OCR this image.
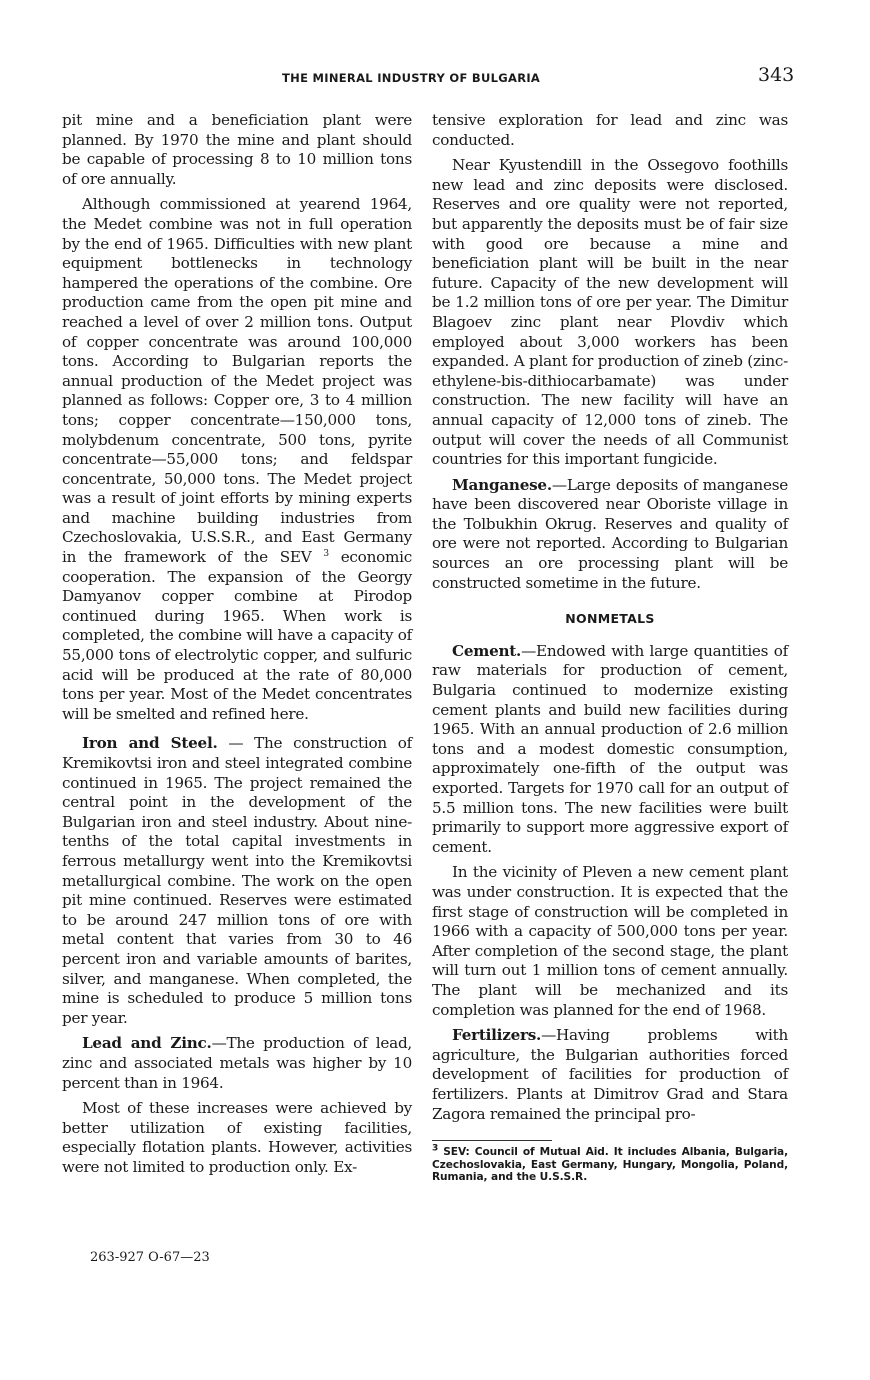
THE MINERAL INDUSTRY OF BULGARIA	343

pit mine and a beneficiation plant were planned. By 1970 the mine and plant should be capable of processing 8 to 10 million tons of ore annually.

Although commissioned at yearend 1964, the Medet combine was not in full operation by the end of 1965. Difficulties with new plant equipment bottlenecks in technology hampered the operations of the combine. Ore production came from the open pit mine and reached a level of over 2 million tons. Output of copper concentrate was around 100,000 tons. According to Bulgarian reports the annual production of the Medet project was planned as follows: Copper ore, 3 to 4 million tons; copper concentrate—150,000 tons, molybdenum concentrate, 500 tons, pyrite concentrate—55,000 tons; and feldspar concentrate, 50,000 tons. The Medet project was a result of joint efforts by mining experts and machine building industries from Czechoslovakia, U.S.S.R., and East Germany in the framework of the SEV $^3$ economic cooperation. The expansion of the Georgy Damyanov copper combine at Pirodop continued during 1965. When work is completed, the combine will have a capacity of 55,000 tons of electrolytic copper, and sulfuric acid will be produced at the rate of 80,000 tons per year. Most of the Medet concentrates will be smelted and refined here.

Iron and Steel. — The construction of Kremikovtsi iron and steel integrated combine continued in 1965. The project remained the central point in the development of the Bulgarian iron and steel industry. About nine-tenths of the total capital investments in ferrous metallurgy went into the Kremikovtsi metallurgical combine. The work on the open pit mine continued. Reserves were estimated to be around 247 million tons of ore with metal content that varies from 30 to 46 percent iron and variable amounts of barites, silver, and manganese. When completed, the mine is scheduled to produce 5 million tons per year.

Lead and Zinc.—The production of lead, zinc and associated metals was higher by 10 percent than in 1964.

Most of these increases were achieved by better utilization of existing facilities, especially flotation plants. However, activities were not limited to production only. Ex-

tensive exploration for lead and zinc was conducted.

Near Kyustendill in the Ossegovo foothills new lead and zinc deposits were disclosed. Reserves and ore quality were not reported, but apparently the deposits must be of fair size with good ore because a mine and beneficiation plant will be built in the near future. Capacity of the new development will be 1.2 million tons of ore per year. The Dimitur Blagoev zinc plant near Plovdiv which employed about 3,000 workers has been expanded. A plant for production of zineb (zinc-ethylene-bis-dithiocarbamate) was under construction. The new facility will have an annual capacity of 12,000 tons of zineb. The output will cover the needs of all Communist countries for this important fungicide.

Manganese.—Large deposits of manganese have been discovered near Oboriste village in the Tolbukhin Okrug. Reserves and quality of ore were not reported. According to Bulgarian sources an ore processing plant will be constructed sometime in the future.

NONMETALS

Cement.—Endowed with large quantities of raw materials for production of cement, Bulgaria continued to modernize existing cement plants and build new facilities during 1965. With an annual production of 2.6 million tons and a modest domestic consumption, approximately one-fifth of the output was exported. Targets for 1970 call for an output of 5.5 million tons. The new facilities were built primarily to support more aggressive export of cement.

In the vicinity of Pleven a new cement plant was under construction. It is expected that the first stage of construction will be completed in 1966 with a capacity of 500,000 tons per year. After completion of the second stage, the plant will turn out 1 million tons of cement annually. The plant will be mechanized and its completion was planned for the end of 1968.

Fertilizers.—Having problems with agriculture, the Bulgarian authorities forced development of facilities for production of fertilizers. Plants at Dimitrov Grad and Stara Zagora remained the principal pro-

$^3$ SEV: Council of Mutual Aid. It includes Albania, Bulgaria, Czechoslovakia, East Germany, Hungary, Mongolia, Poland, Rumania, and the U.S.S.R.
263-927 O-67—23
